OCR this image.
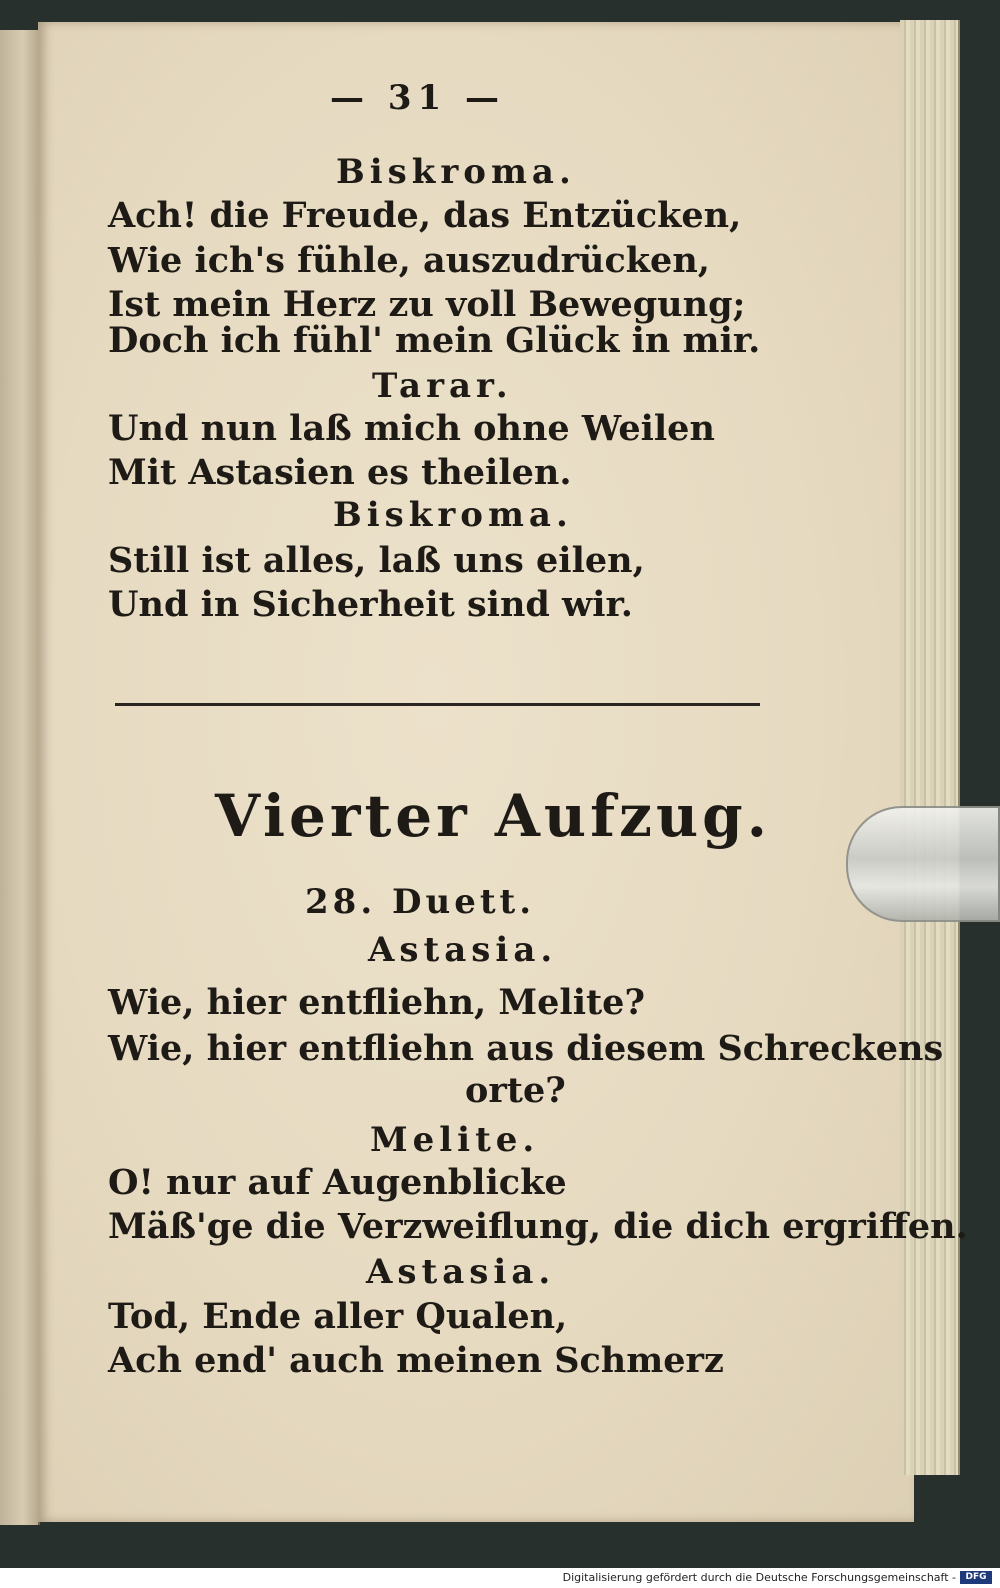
— 31 —
Biskroma.
Ach! die Freude, das Entzücken,
Wie ich's fühle, auszudrücken,
Ist mein Herz zu voll Bewegung;
Doch ich fühl' mein Glück in mir.
Tarar.
Und nun laß mich ohne Weilen
Mit Astasien es theilen.
Biskroma.
Still ist alles, laß uns eilen,
Und in Sicherheit sind wir.
Vierter Aufzug.
28. Duett.
Astasia.
Wie, hier entfliehn, Melite?
Wie, hier entfliehn aus diesem Schreckens
orte?
Melite.
O! nur auf Augenblicke
Mäß'ge die Verzweiflung, die dich ergriffen.
Astasia.
Tod, Ende aller Qualen,
Ach end' auch meinen Schmerz
Digitalisierung gefördert durch die Deutsche Forschungsgemeinschaft -	DFG
